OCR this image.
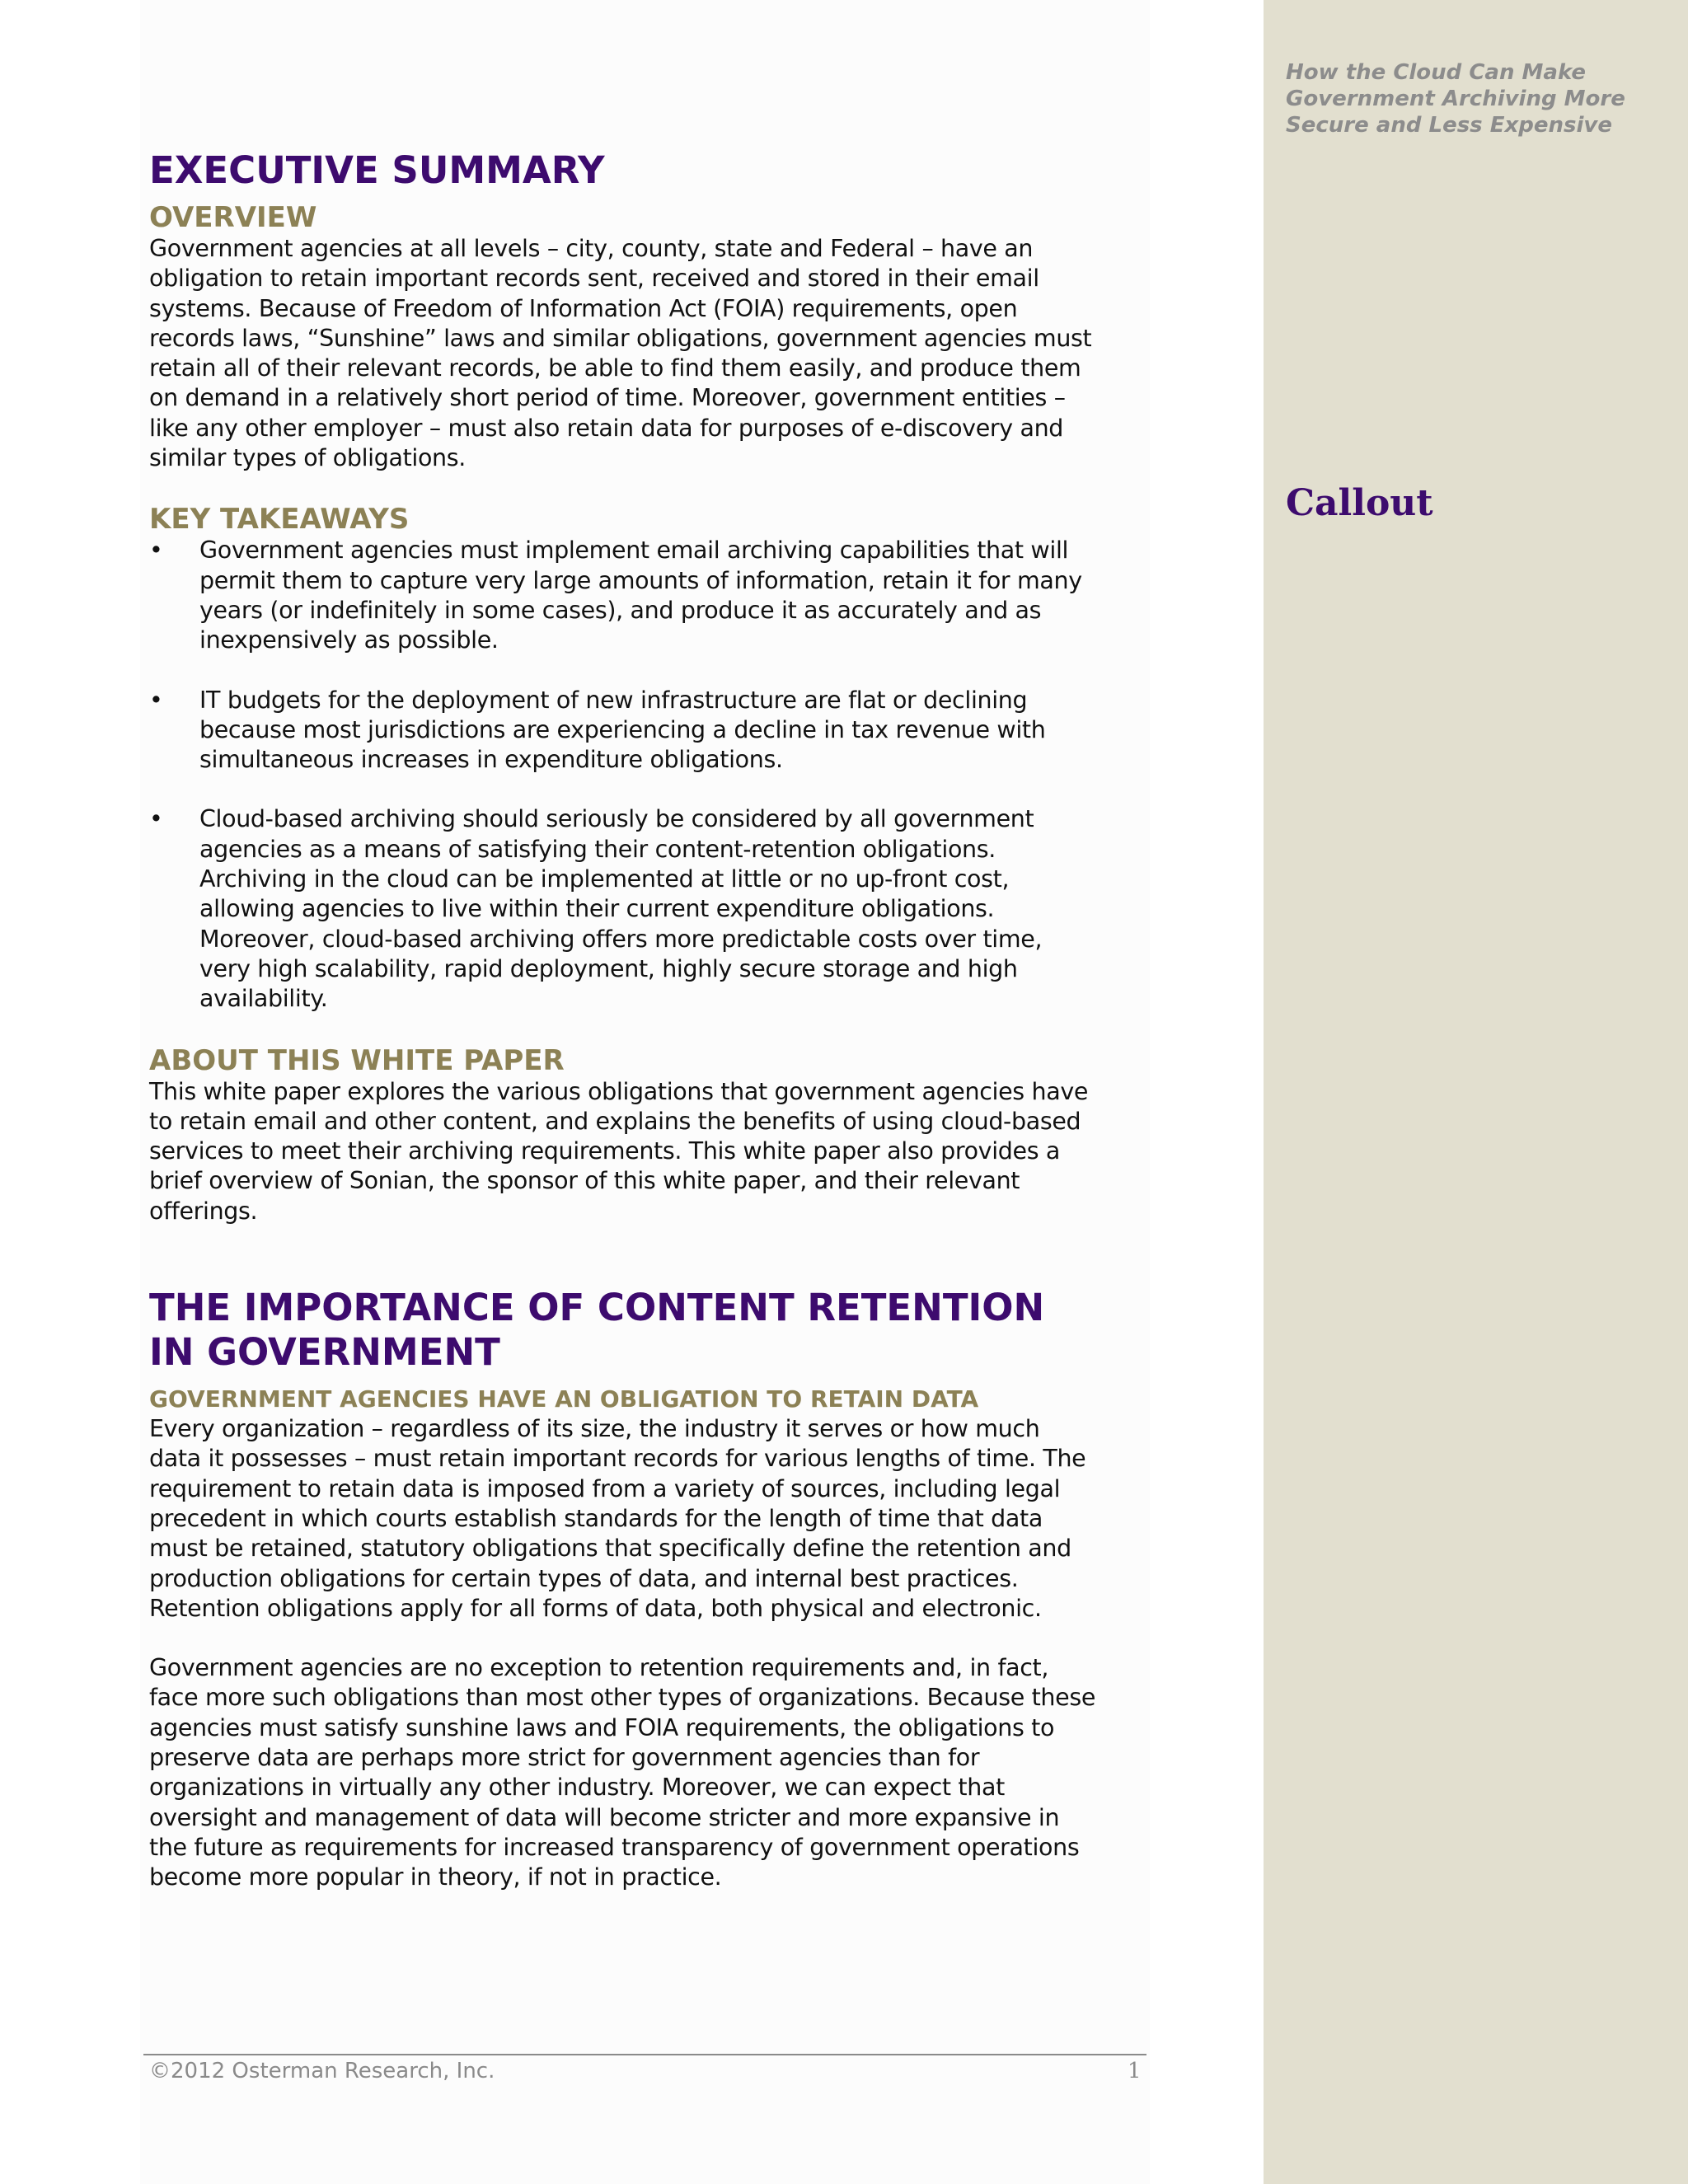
How the Cloud Can Make
Government Archiving More
Secure and Less Expensive
Callout
EXECUTIVE SUMMARY
OVERVIEW

Government agencies at all levels – city, county, state and Federal – have an obligation to retain important records sent, received and stored in their email systems. Because of Freedom of Information Act (FOIA) requirements, open records laws, “Sunshine” laws and similar obligations, government agencies must retain all of their relevant records, be able to find them easily, and produce them on demand in a relatively short period of time. Moreover, government entities – like any other employer – must also retain data for purposes of e-discovery and similar types of obligations.

KEY TAKEAWAYS
•	Government agencies must implement email archiving capabilities that will permit them to capture very large amounts of information, retain it for many years (or indefinitely in some cases), and produce it as accurately and as inexpensively as possible.
•	IT budgets for the deployment of new infrastructure are flat or declining because most jurisdictions are experiencing a decline in tax revenue with simultaneous increases in expenditure obligations.
•	Cloud-based archiving should seriously be considered by all government agencies as a means of satisfying their content-retention obligations. Archiving in the cloud can be implemented at little or no up-front cost, allowing agencies to live within their current expenditure obligations. Moreover, cloud-based archiving offers more predictable costs over time, very high scalability, rapid deployment, highly secure storage and high availability.
ABOUT THIS WHITE PAPER

This white paper explores the various obligations that government agencies have to retain email and other content, and explains the benefits of using cloud-based services to meet their archiving requirements. This white paper also provides a brief overview of Sonian, the sponsor of this white paper, and their relevant offerings.

THE IMPORTANCE OF CONTENT RETENTION IN GOVERNMENT
GOVERNMENT AGENCIES HAVE AN OBLIGATION TO RETAIN DATA

Every organization – regardless of its size, the industry it serves or how much data it possesses – must retain important records for various lengths of time. The requirement to retain data is imposed from a variety of sources, including legal precedent in which courts establish standards for the length of time that data must be retained, statutory obligations that specifically define the retention and production obligations for certain types of data, and internal best practices. Retention obligations apply for all forms of data, both physical and electronic.

Government agencies are no exception to retention requirements and, in fact, face more such obligations than most other types of organizations. Because these agencies must satisfy sunshine laws and FOIA requirements, the obligations to preserve data are perhaps more strict for government agencies than for organizations in virtually any other industry. Moreover, we can expect that oversight and management of data will become stricter and more expansive in the future as requirements for increased transparency of government operations become more popular in theory, if not in practice.

©2012 Osterman Research, Inc.	1
